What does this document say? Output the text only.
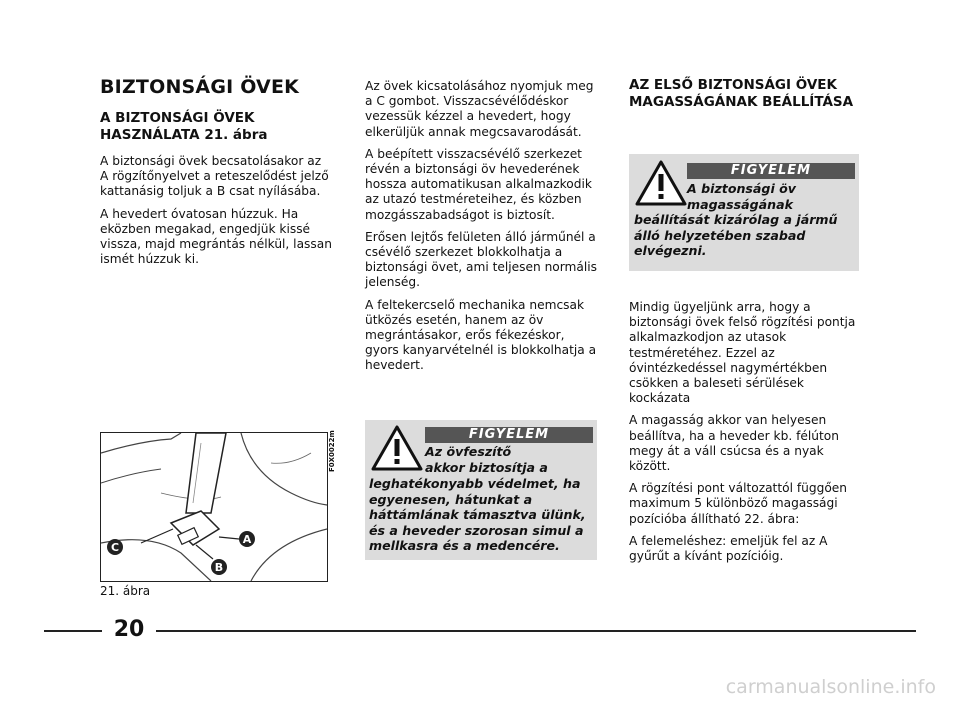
BIZTONSÁGI ÖVEK
A BIZTONSÁGI ÖVEK HASZNÁLATA 21. ábra

A biztonsági övek becsatolásakor az A rögzítőnyelvet a reteszelődést jelző kattanásig toljuk a B csat nyílásába.

A hevedert óvatosan húzzuk. Ha eközben megakad, engedjük kissé vissza, majd megrántás nélkül, lassan ismét húzzuk ki.

C
A
B
F0X0022m
21. ábra

Az övek kicsatolásához nyomjuk meg a C gombot. Visszacsévélődéskor vezessük kézzel a hevedert, hogy elkerüljük annak megcsavarodását.

A beépített visszacsévélő szerkezet révén a biztonsági öv hevederének hossza automatikusan alkalmazkodik az utazó testméreteihez, és közben mozgásszabadságot is biztosít.

Erősen lejtős felületen álló járműnél a csévélő szerkezet blokkolhatja a biztonsági övet, ami teljesen normális jelenség.

A feltekercselő mechanika nemcsak ütközés esetén, hanem az öv megrántásakor, erős fékezéskor, gyors kanyarvételnél is blokkolhatja a hevedert.

FIGYELEM
Az övfeszítő akkor biztosítja a
leghatékonyabb védelmet, ha egyenesen, hátunkat a háttámlának támasztva ülünk, és a heveder szorosan simul a mellkasra és a medencére.
AZ ELSŐ BIZTONSÁGI ÖVEK MAGASSÁGÁNAK BEÁLLÍTÁSA
FIGYELEM
A biztonsági öv magasságának
beállítását kizárólag a jármű álló helyzetében szabad elvégezni.

Mindig ügyeljünk arra, hogy a biztonsági övek felső rögzítési pontja alkalmazkodjon az utasok testméretéhez. Ezzel az óvintézkedéssel nagymértékben csökken a baleseti sérülések kockázata

A magasság akkor van helyesen beállítva, ha a heveder kb. félúton megy át a váll csúcsa és a nyak között.

A rögzítési pont változattól függően maximum 5 különböző magassági pozícióba állítható 22. ábra:

A felemeléshez: emeljük fel az A gyűrűt a kívánt pozícióig.

20
carmanualsonline.info
